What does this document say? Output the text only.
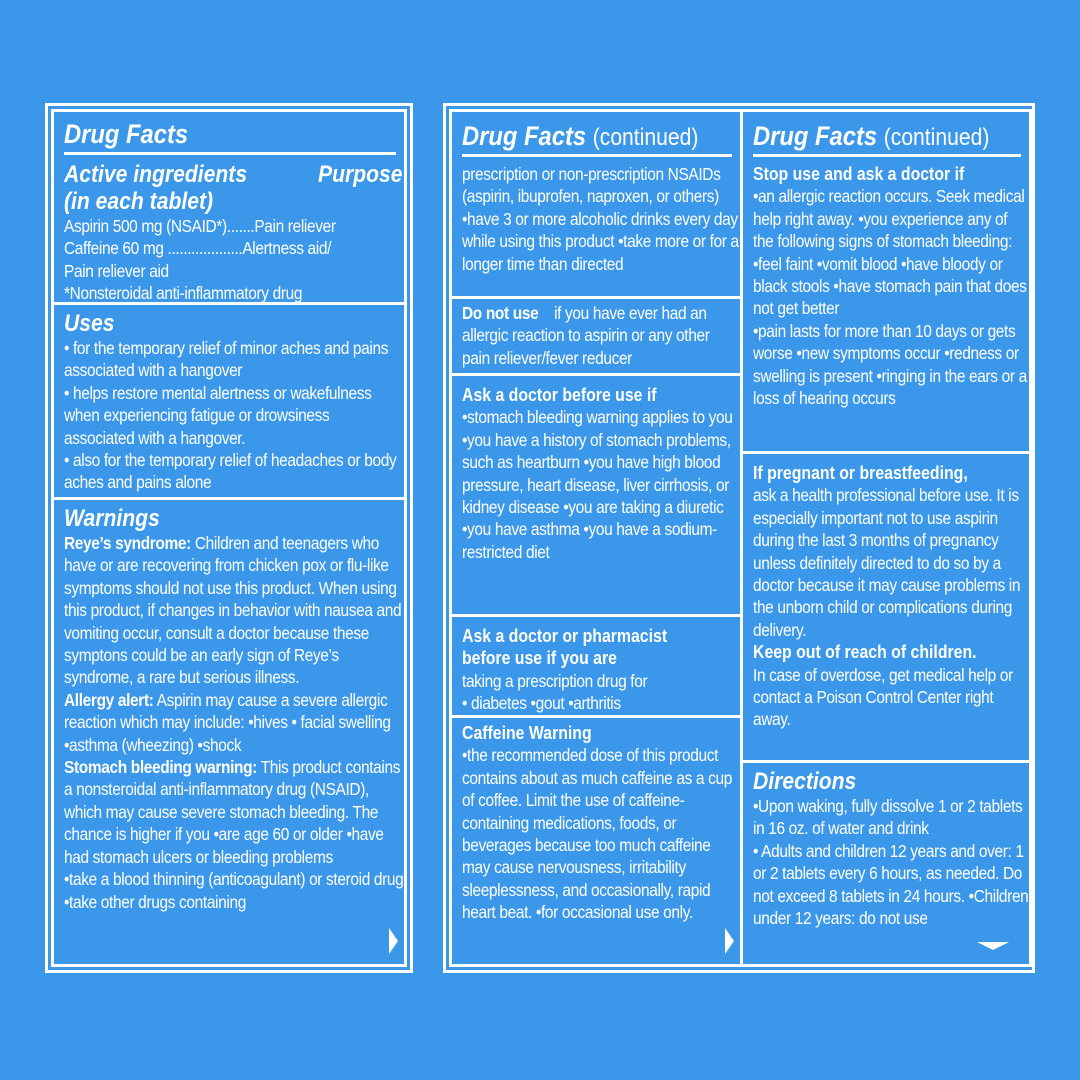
Drug Facts
Active ingredients
(in each tablet)
Purpose

Aspirin 500 mg (NSAID*).......Pain reliever
Caffeine 60 mg ...................Alertness aid/
Pain reliever aid
*Nonsteroidal anti-inflammatory drug

Uses

• for the temporary relief of minor aches and pains associated with a hangover
• helps restore mental alertness or wakefulness when experiencing fatigue or drowsiness associated with a hangover.
• also for the temporary relief of headaches or body aches and pains alone

Warnings

Reye’s syndrome: Children and teenagers who have or are recovering from chicken pox or flu-like symptoms should not use this product. When using this product, if changes in behavior with nausea and vomiting occur, consult a doctor because these symptons could be an early sign of Reye’s syndrome, a rare but serious illness.
Allergy alert: Aspirin may cause a severe allergic reaction which may include: •hives • facial swelling •asthma (wheezing) •shock
Stomach bleeding warning: This product contains a nonsteroidal anti-inflammatory drug (NSAID), which may cause severe stomach bleeding. The chance is higher if you •are age 60 or older •have had stomach ulcers or bleeding problems
•take a blood thinning (anticoagulant) or steroid drug •take other drugs containing

Drug Facts (continued)

prescription or non-prescription NSAIDs (aspirin, ibuprofen, naproxen, or others) •have 3 or more alcoholic drinks every day while using this product •take more or for a longer time than directed

Do not use    if you have ever had an allergic reaction to aspirin or any other pain reliever/fever reducer

Ask a doctor before use if

•stomach bleeding warning applies to you •you have a history of stomach problems, such as heartburn •you have high blood pressure, heart disease, liver cirrhosis, or kidney disease •you are taking a diuretic •you have asthma •you have a sodium-restricted diet

Ask a doctor or pharmacist
before use if you are

taking a prescription drug for
• diabetes •gout •arthritis

Caffeine Warning

•the recommended dose of this product contains about as much caffeine as a cup of coffee. Limit the use of caffeine-containing medications, foods, or beverages because too much caffeine may cause nervousness, irritability sleeplessness, and occasionally, rapid heart beat. •for occasional use only.

Drug Facts (continued)
Stop use and ask a doctor if

•an allergic reaction occurs. Seek medical help right away. •you experience any of the following signs of stomach bleeding: •feel faint •vomit blood •have bloody or black stools •have stomach pain that does not get better
•pain lasts for more than 10 days or gets worse •new symptoms occur •redness or swelling is present •ringing in the ears or a loss of hearing occurs

If pregnant or breastfeeding,

ask a health professional before use. It is especially important not to use aspirin during the last 3 months of pregnancy unless definitely directed to do so by a doctor because it may cause problems in the unborn child or complications during delivery.

Keep out of reach of children.

In case of overdose, get medical help or contact a Poison Control Center right away.

Directions

•Upon waking, fully dissolve 1 or 2 tablets in 16 oz. of water and drink
• Adults and children 12 years and over: 1 or 2 tablets every 6 hours, as needed. Do not exceed 8 tablets in 24 hours. •Children under 12 years: do not use
